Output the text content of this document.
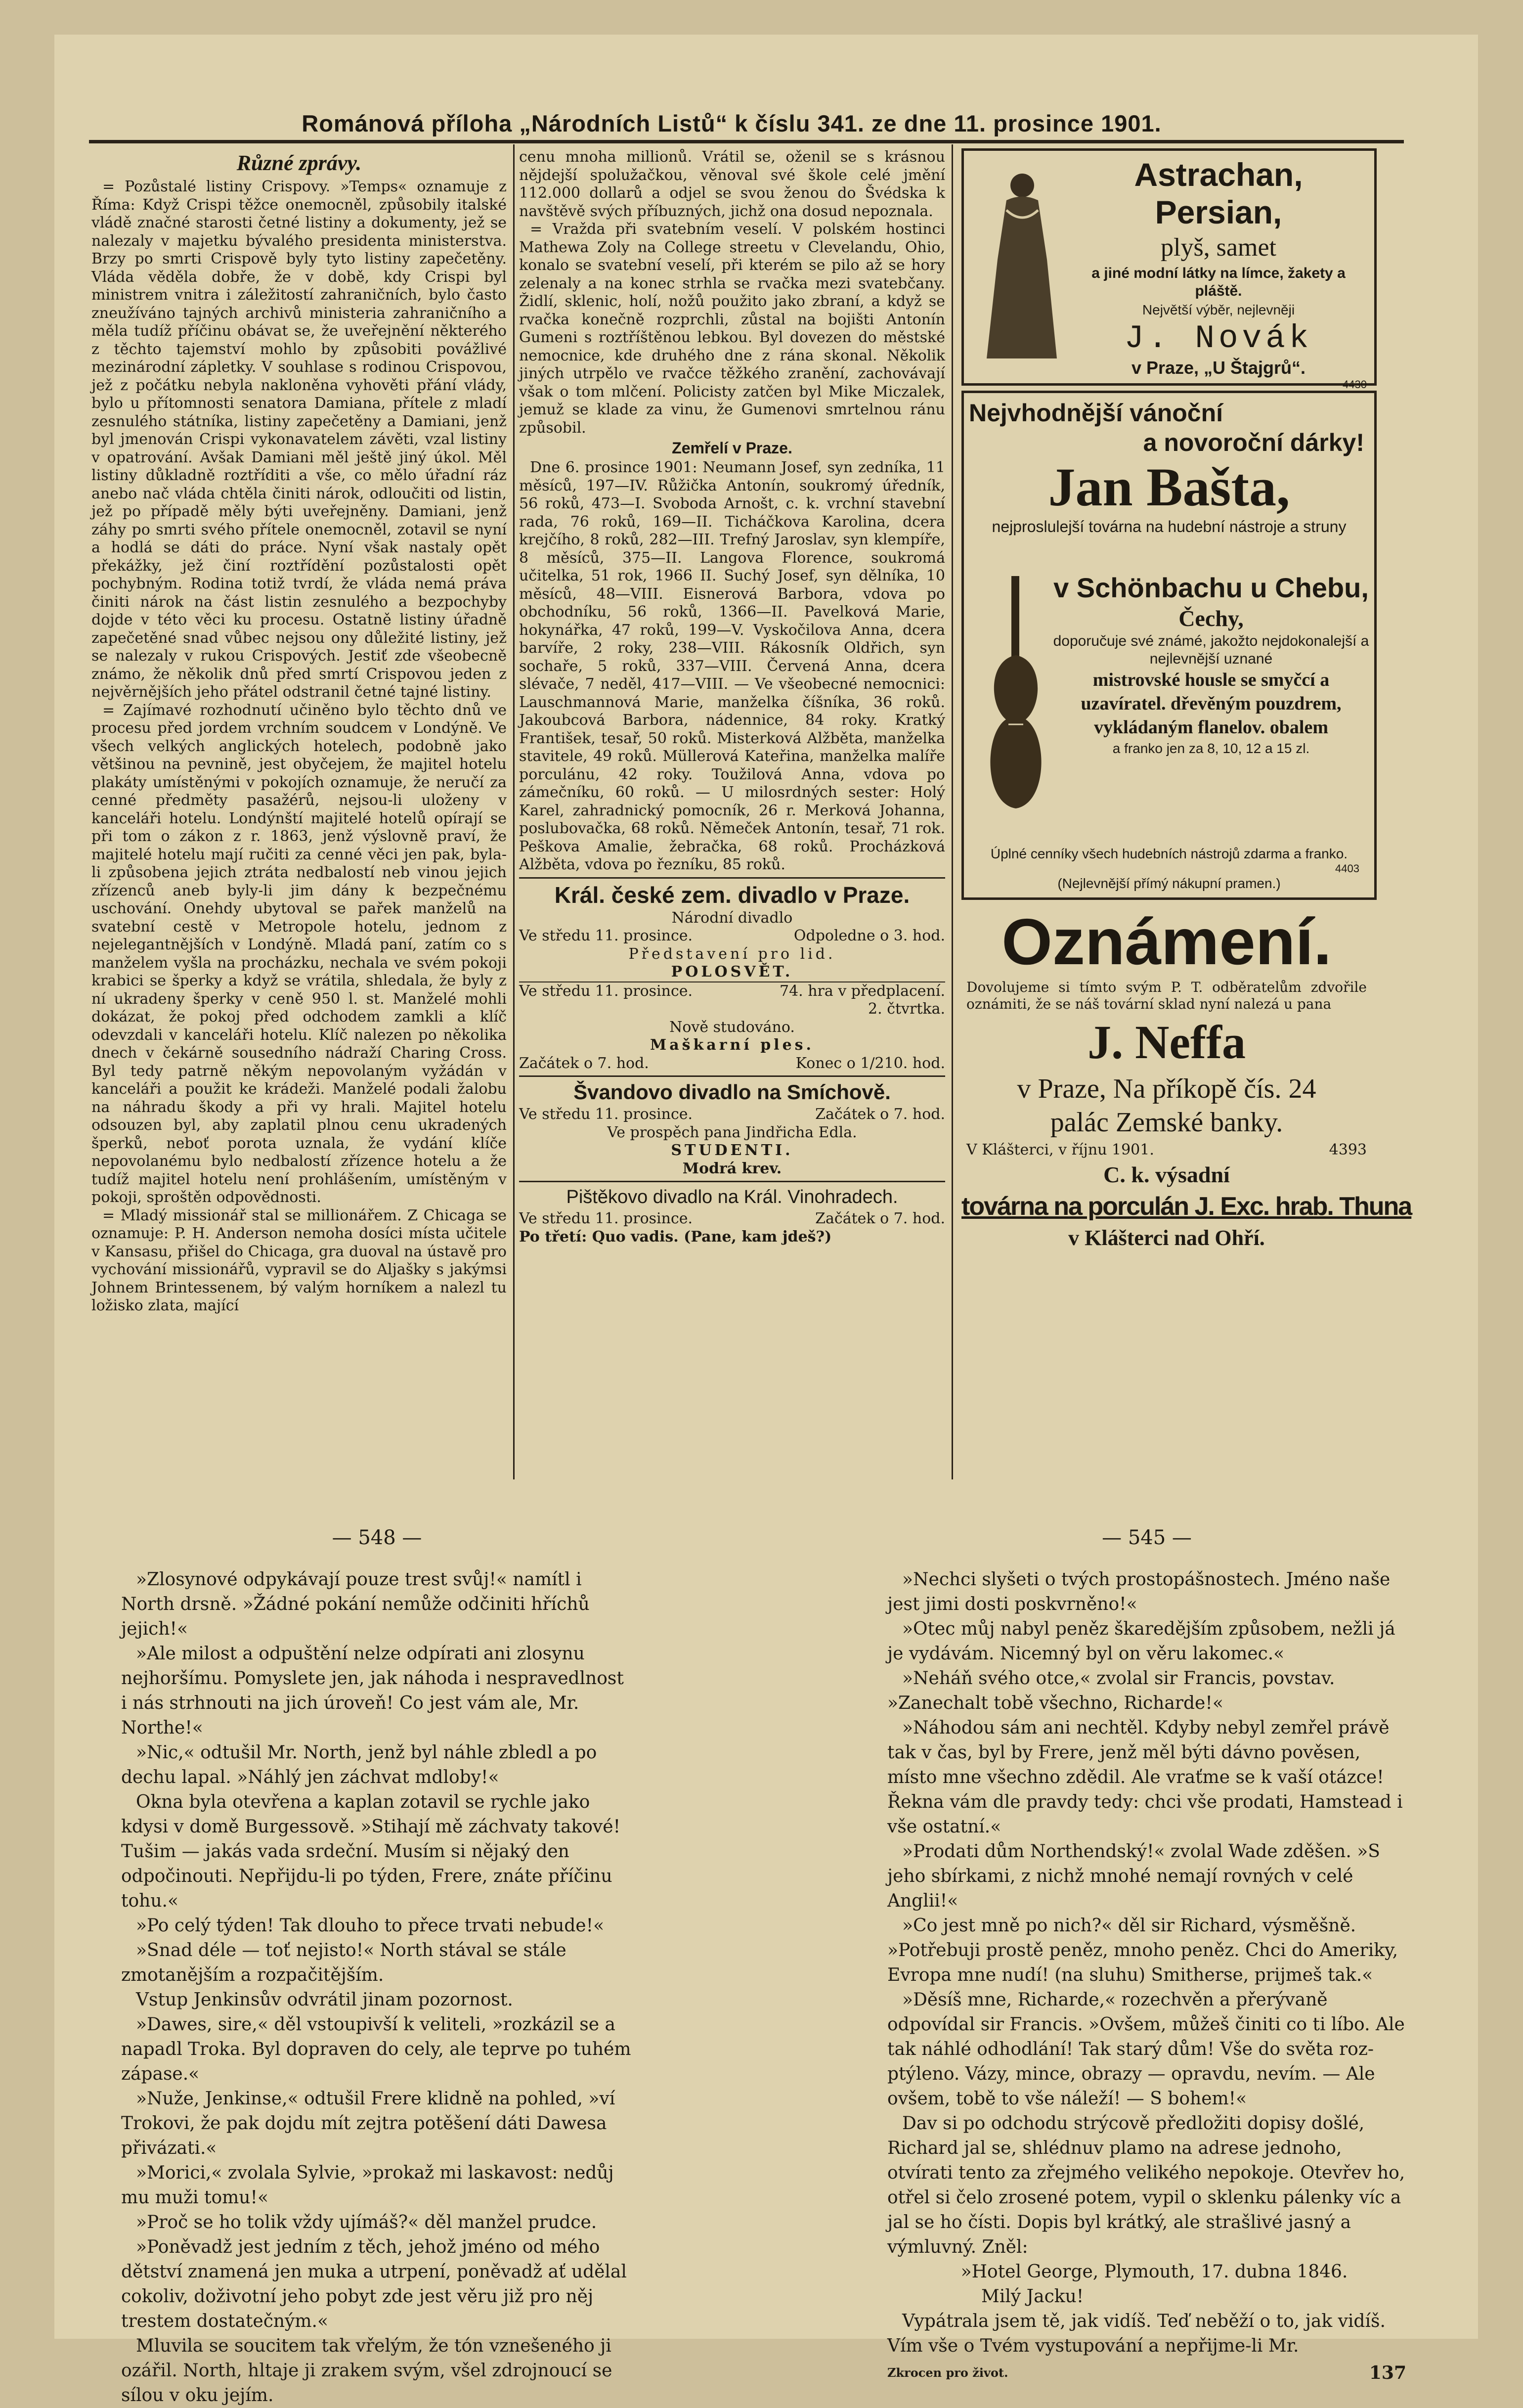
Románová příloha „Národních Listů“ k číslu 341. ze dne 11. prosince 1901.
Různé zprávy.

= Pozůstalé listiny Crispovy. »Temps« oznamuje z Říma: Když Crispi těžce onemocněl, způsobily italské vládě značné starosti četné listiny a dokumenty, jež se nalezaly v majetku bývalého presidenta ministerstva. Brzy po smrti Crispově byly tyto listiny zapečetěny. Vláda věděla dobře, že v době, kdy Crispi byl ministrem vnitra i záležitostí zahraničních, bylo často zneužíváno tajných archivů ministeria zahraničního a měla tudíž příčinu obávat se, že uveřejnění některého z těchto tajemství mohlo by způsobiti povážlivé mezinárodní zápletky. V souhlase s rodinou Crispovou, jež z počátku nebyla nakloněna vyhověti přání vlády, bylo u přítomnosti senatora Damiana, přítele z mladí zesnulého státníka, listiny zapečetěny a Damiani, jenž byl jmenován Crispi vykonavatelem závěti, vzal listiny v opatrování. Avšak Damiani měl ještě jiný úkol. Měl listiny důkladně roztříditi a vše, co mělo úřadní ráz anebo nač vláda chtěla činiti nárok, odloučiti od listin, jež po případě měly býti uveřejněny. Damiani, jenž záhy po smrti svého přítele onemocněl, zotavil se nyní a hodlá se dáti do práce. Nyní však nastaly opět překážky, jež činí roztřídění pozůstalosti opět pochybným. Rodina totiž tvrdí, že vláda nemá práva činiti nárok na část listin zesnulého a bezpochyby dojde v této věci ku procesu. Ostatně listiny úřadně zapečetěné snad vůbec nejsou ony důležité listiny, jež se nalezaly v rukou Crispových. Jestiť zde všeobecně známo, že několik dnů před smrtí Crispovou jeden z nejvěrnějších jeho přátel odstranil četné tajné listiny.

= Zajímavé rozhodnutí učiněno bylo těchto dnů ve procesu před jordem vrchním soudcem v Londýně. Ve všech velkých anglických hotelech, podobně jako většinou na pevnině, jest obyčejem, že majitel hotelu plakáty umístěnými v pokojích oznamuje, že neručí za cenné předměty pasažérů, nejsou-li uloženy v kanceláři hotelu. Londýnští majitelé hotelů opírají se při tom o zákon z r. 1863, jenž výslovně praví, že majitelé hotelu mají ručiti za cenné věci jen pak, byla-li způsobena jejich ztráta nedbalostí neb vinou jejich zřízenců aneb byly-li jim dány k bezpečnému uschování. Onehdy ubytoval se pařek manželů na svatební cestě v Metropole hotelu, jednom z nejelegantnějších v Londýně. Mladá paní, zatím co s manželem vyšla na procházku, nechala ve svém pokoji krabici se šperky a když se vrátila, shledala, že byly z ní ukradeny šperky v ceně 950 l. st. Manželé mohli dokázat, že pokoj před odchodem zamkli a klíč odevzdali v kanceláři hotelu. Klíč nalezen po několika dnech v čekárně sousedního nádraží Charing Cross. Byl tedy patrně někým nepovolaným vyžádán v kanceláři a použit ke krádeži. Manželé podali žalobu na náhradu škody a při vy hrali. Majitel hotelu odsouzen byl, aby zaplatil plnou cenu ukradených šperků, neboť porota uznala, že vydání klíče nepovolanému bylo nedbalostí zřízence hotelu a že tudíž majitel hotelu není prohlášením, umístěným v pokoji, sproštěn odpovědnosti.

= Mladý missionář stal se millionářem. Z Chicaga se oznamuje: P. H. Anderson nemoha dosíci místa učitele v Kansasu, přišel do Chicaga, gra duoval na ústavě pro vychování missionářů, vypravil se do Aljašky s jakýmsi Johnem Brintessenem, bý valým horníkem a nalezl tu ložisko zlata, mající

cenu mnoha millionů. Vrátil se, oženil se s krásnou nějdejší spolužačkou, věnoval své škole celé jmění 112.000 dollarů a odjel se svou ženou do Švédska k navštěvě svých příbuzných, jichž ona dosud nepoznala.

= Vražda při svatebním veselí. V polském hostinci Mathewa Zoly na College streetu v Clevelandu, Ohio, konalo se svatební veselí, při kterém se pilo až se hory zelenaly a na konec strhla se rvačka mezi svatebčany. Židlí, sklenic, holí, nožů použito jako zbraní, a když se rvačka konečně rozprchli, zůstal na bojišti Antonín Gumeni s roztříštěnou lebkou. Byl dovezen do městské nemocnice, kde druhého dne z rána skonal. Několik jiných utrpělo ve rvačce těžkého zranění, zachovávají však o tom mlčení. Policisty zatčen byl Mike Miczalek, jemuž se klade za vinu, že Gumenovi smrtelnou ránu způsobil.

Zemřelí v Praze.

Dne 6. prosince 1901: Neumann Josef, syn zedníka, 11 měsíců, 197—IV. Růžička Antonín, soukromý úředník, 56 roků, 473—I. Svoboda Arnošt, c. k. vrchní stavební rada, 76 roků, 169—II. Ticháčkova Karolina, dcera krejčího, 8 roků, 282—III. Trefný Jaroslav, syn klempíře, 8 měsíců, 375—II. Langova Florence, soukromá učitelka, 51 rok, 1966 II. Suchý Josef, syn dělníka, 10 měsíců, 48—VIII. Eisnerová Barbora, vdova po obchodníku, 56 roků, 1366—II. Pavelková Marie, hokynářka, 47 roků, 199—V. Vyskočilova Anna, dcera barvíře, 2 roky, 238—VIII. Rákosník Oldřich, syn sochaře, 5 roků, 337—VIII. Červená Anna, dcera slévače, 7 neděl, 417—VIII. — Ve všeobecné nemocnici: Lauschmannová Marie, manželka číšníka, 36 roků. Jakoubcová Barbora, nádennice, 84 roky. Kratký František, tesař, 50 roků. Misterková Alžběta, manželka stavitele, 49 roků. Müllerová Kateřina, manželka malíře porculánu, 42 roky. Toužilová Anna, vdova po zámečníku, 60 roků. — U milosrdných sester: Holý Karel, zahradnický pomocník, 26 r. Merková Johanna, poslubovačka, 68 roků. Němeček Antonín, tesař, 71 rok. Peškova Amalie, žebračka, 68 roků. Procházková Alžběta, vdova po řezníku, 85 roků.

Král. české zem. divadlo v Praze.
Národní divadlo
Ve středu 11. prosince.	Odpoledne o 3. hod.
Představení pro lid.
POLOSVĚT.
Ve středu 11. prosince.	74. hra v předplacení.
2. čtvrtka.
Nově studováno.
Maškarní ples.
Začátek o 7. hod.	Konec o 1/210. hod.
Švandovo divadlo na Smíchově.
Ve středu 11. prosince.	Začátek o 7. hod.
Ve prospěch pana Jindřicha Edla.
STUDENTI.
Modrá krev.
Pištěkovo divadlo na Král. Vinohradech.
Ve středu 11. prosince.	Začátek o 7. hod.
Po třetí: Quo vadis. (Pane, kam jdeš?)
Astrachan, Persian,
plyš, samet
a jiné modní látky na límce, žakety a pláště.
Největší výběr, nejlevněji
J. Novák
v Praze, „U Štajgrů“.
4430
Nejvhodnější vánoční
a novoroční dárky!
Jan Bašta,
nejproslulejší továrna na hudební nástroje a struny
v Schönbachu u Chebu,
Čechy,
doporučuje své známé, jakožto nejdokonalejší a nejlevnější uznané
mistrovské housle se smyčcí a uzavíratel. dřevěným pouzdrem, vykládaným flanelov. obalem
a franko jen za 8, 10, 12 a 15 zl.
Úplné cenníky všech hudebních nástrojů zdarma a franko.
4403
(Nejlevnější přímý nákupní pramen.)
Oznámení.
Dovolujeme si tímto svým P. T. odběratelům zdvořile oznámiti, že se náš tovární sklad nyní nalezá u pana
J. Neffa
v Praze, Na příkopě čís. 24
palác Zemské banky.
V Klášterci, v říjnu 1901.	4393
C. k. výsadní
továrna na porculán J. Exc. hrab. Thuna
v Klášterci nad Ohří.
— 548 —

»Zlosynové odpykávají pouze trest svůj!« namítl i North drsně. »Žádné pokání nemůže odčiniti hříchů jejich!«

»Ale milost a odpuštění nelze odpírati ani zlosynu nejhoršímu. Pomyslete jen, jak náhoda i nespravedlnost i nás strhnouti na jich úroveň! Co jest vám ale, Mr. Northe!«

»Nic,« odtušil Mr. North, jenž byl náhle zbledl a po dechu lapal. »Náhlý jen záchvat mdloby!«

Okna byla otevřena a kaplan zotavil se rychle jako kdysi v domě Burgessově. »Stihají mě záchvaty takové! Tušim — jakás vada srdeční. Musím si nějaký den odpočinouti. Nepřijdu-li po týden, Frere, znáte příčinu tohu.«

»Po celý týden! Tak dlouho to přece trvati nebude!«

»Snad déle — toť nejisto!« North stával se stále zmotanějším a rozpačitějším.

Vstup Jenkinsův odvrátil jinam pozornost.

»Dawes, sire,« děl vstoupivší k veliteli, »rozkázil se a napadl Troka. Byl dopraven do cely, ale teprve po tuhém zápase.«

»Nuže, Jenkinse,« odtušil Frere klidně na pohled, »ví Trokovi, že pak dojdu mít zejtra potěšení dáti Dawesa přivázati.«

»Morici,« zvolala Sylvie, »prokaž mi laskavost: nedůj mu muži tomu!«

»Proč se ho tolik vždy ujímáš?« děl manžel prudce.

»Poněvadž jest jedním z těch, jehož jméno od mého dětství znamená jen muka a utrpení, poněvadž ať udělal cokoliv, doživotní jeho pobyt zde jest věru již pro něj trestem dostatečným.«

Mluvila se soucitem tak vřelým, že tón vznešeného ji ozářil. North, hltaje ji zrakem svým, všel zdrojnoucí se sílou v oku jejím.

— 545 —

»Nechci slyšeti o tvých prostopášnostech. Jméno naše jest jimi dosti poskvrněno!«

»Otec můj nabyl peněz škaredějším způsobem, nežli já je vydávám. Nicemný byl on věru lakomec.«

»Neháň svého otce,« zvolal sir Francis, povstav. »Zanechalt tobě všechno, Richarde!«

»Náhodou sám ani nechtěl. Kdyby nebyl zemřel právě tak v čas, byl by Frere, jenž měl býti dávno pověsen, místo mne všechno zdědil. Ale vraťme se k vaší otázce! Řekna vám dle pravdy tedy: chci vše prodati, Hamstead i vše ostatní.«

»Prodati dům Northendský!« zvolal Wade zděšen. »S jeho sbírkami, z nichž mnohé nemají rovných v celé Anglii!«

»Co jest mně po nich?« děl sir Richard, výsměšně. »Potřebuji prostě peněz, mnoho peněz. Chci do Ameriky, Evropa mne nudí! (na sluhu) Smitherse, prijmeš tak.«

»Děsíš mne, Richarde,« rozechvěn a přerývaně odpovídal sir Francis. »Ovšem, můžeš činiti co ti líbo. Ale tak náhlé odhodlání! Tak starý dům! Vše do světa rozptýleno. Vázy, mince, obrazy — opravdu, nevím. — Ale ovšem, tobě to vše náleží! — S bohem!«

Dav si po odchodu strýcově předložiti dopisy došlé, Richard jal se, shlédnuv plamo na adrese jednoho, otvírati tento za zřejmého velikého nepokoje. Otevřev ho, otřel si čelo zrosené potem, vypil o sklenku pálenky víc a jal se ho čísti. Dopis byl krátký, ale strašlivé jasný a výmluvný. Zněl:

»Hotel George, Plymouth, 17. dubna 1846.

Milý Jacku!

Vypátrala jsem tě, jak vidíš. Teď neběží o to, jak vidíš. Vím vše o Tvém vystupování a nepřijme-li Mr.

Zkrocen pro život.	137
